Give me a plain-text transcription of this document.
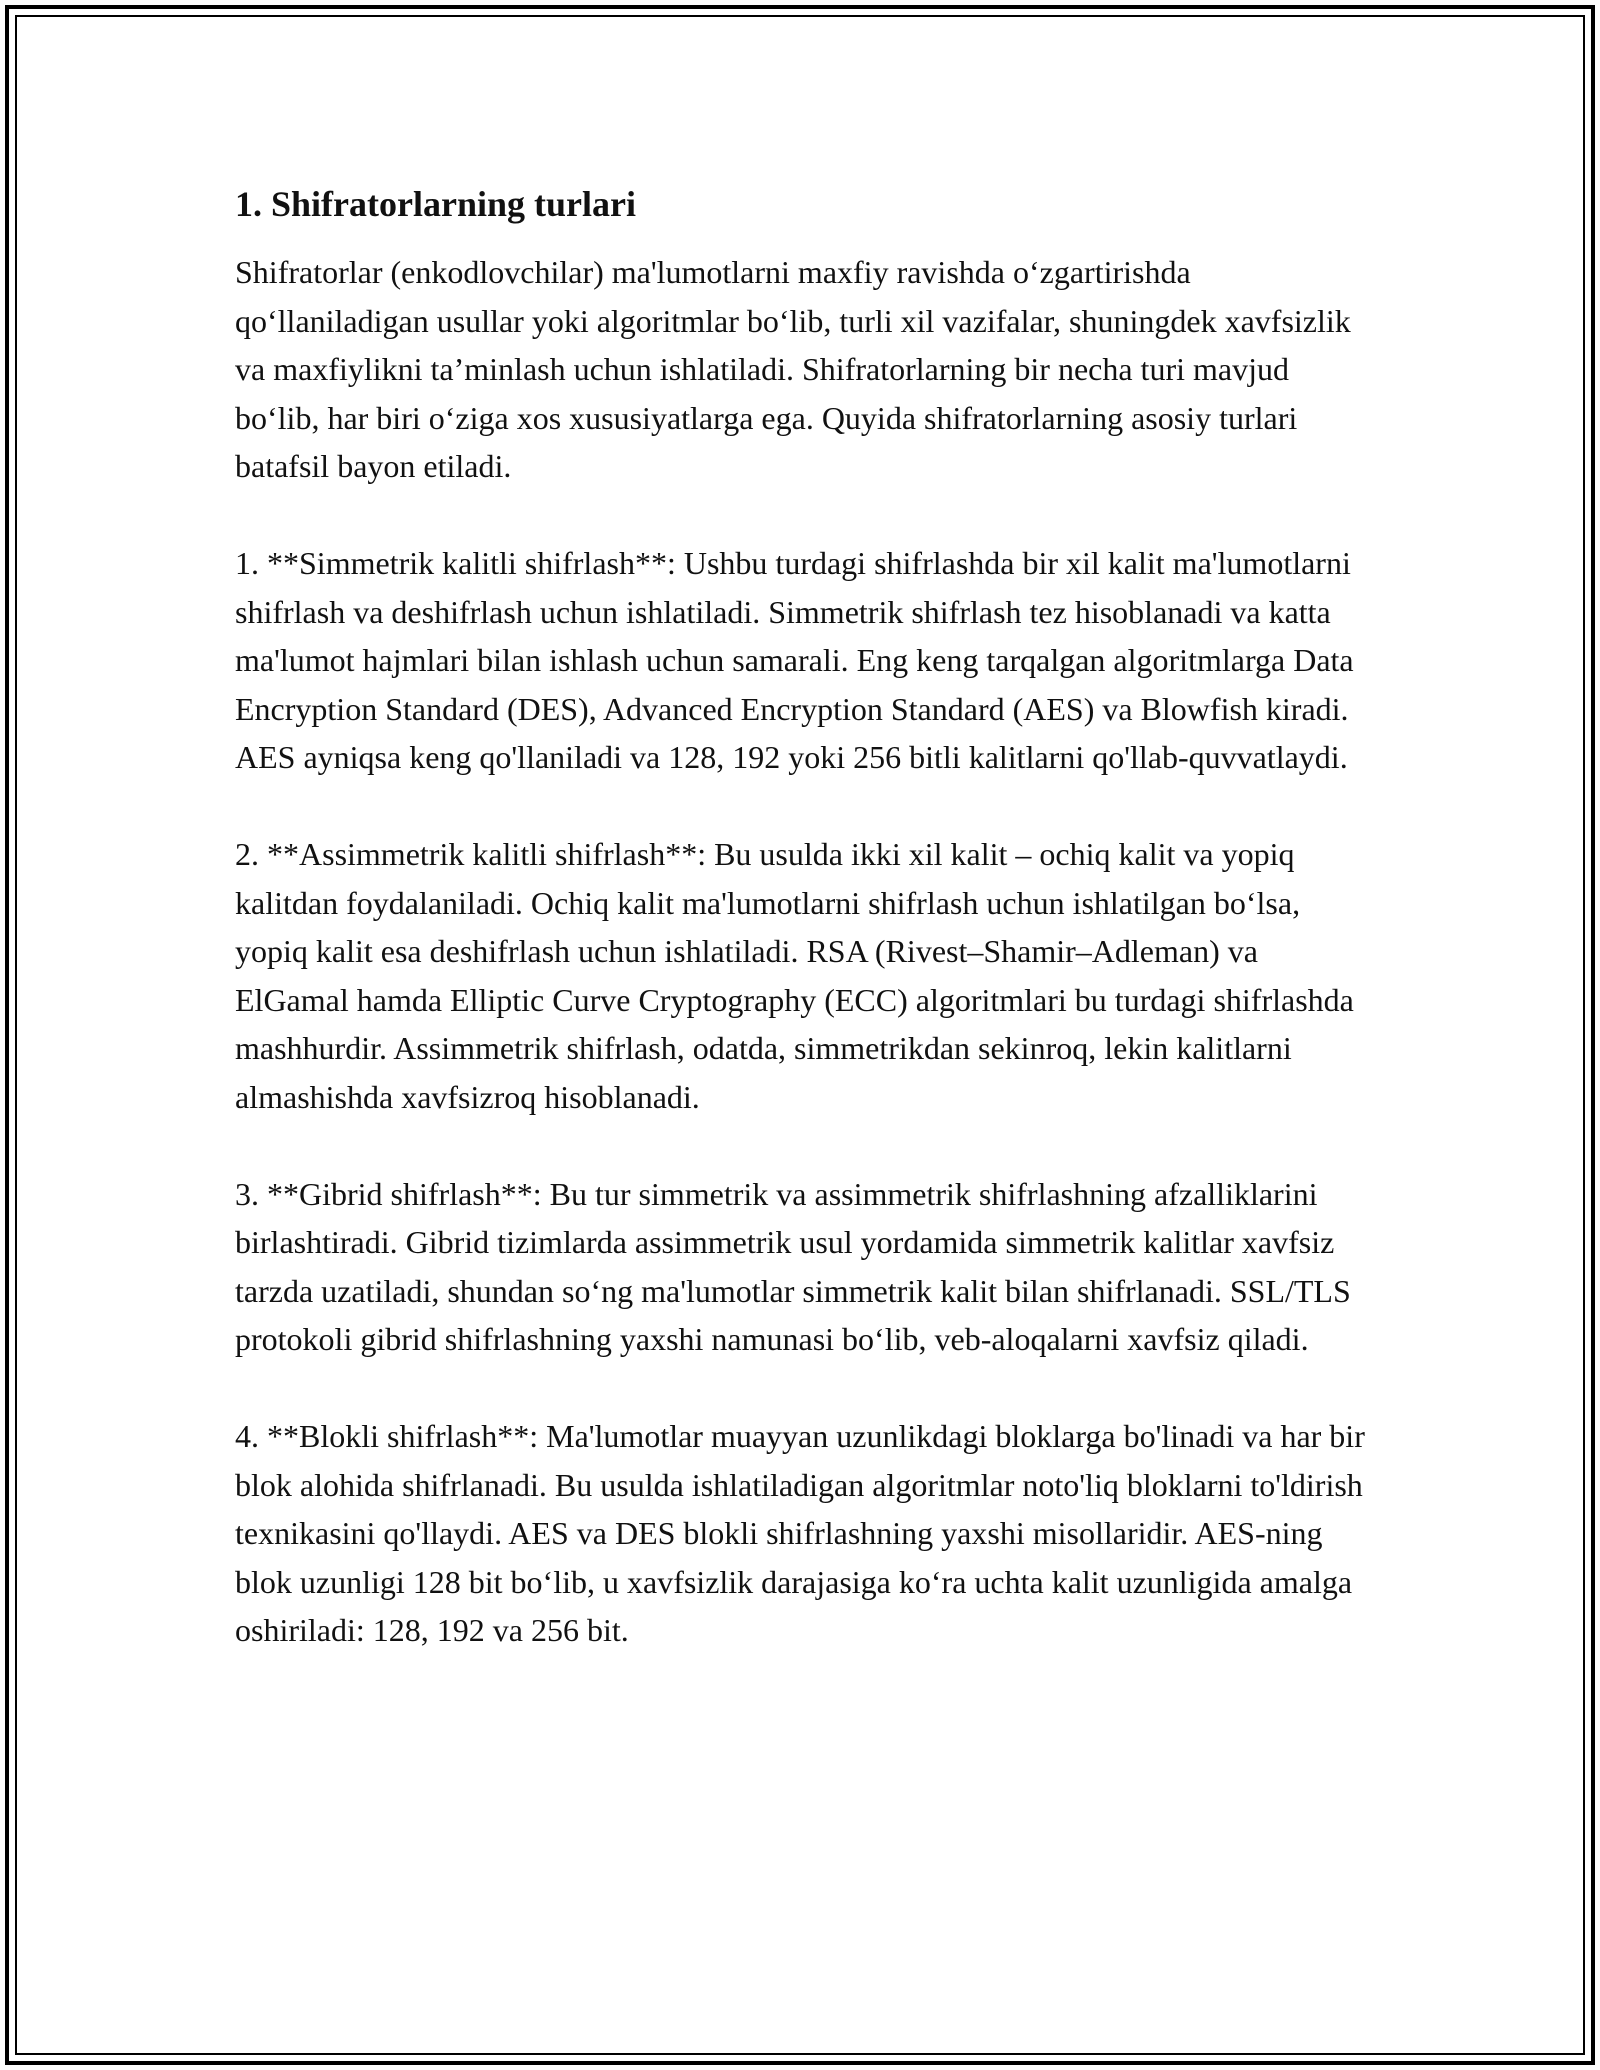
1. Shifratorlarning turlari

Shifratorlar (enkodlovchilar) ma'lumotlarni maxfiy ravishda o‘zgartirishda qo‘llaniladigan usullar yoki algoritmlar bo‘lib, turli xil vazifalar, shuningdek xavfsizlik va maxfiylikni ta’minlash uchun ishlatiladi. Shifratorlarning bir necha turi mavjud bo‘lib, har biri o‘ziga xos xususiyatlarga ega. Quyida shifratorlarning asosiy turlari batafsil bayon etiladi.

1. **Simmetrik kalitli shifrlash**: Ushbu turdagi shifrlashda bir xil kalit ma'lumotlarni shifrlash va deshifrlash uchun ishlatiladi. Simmetrik shifrlash tez hisoblanadi va katta ma'lumot hajmlari bilan ishlash uchun samarali. Eng keng tarqalgan algoritmlarga Data Encryption Standard (DES), Advanced Encryption Standard (AES) va Blowfish kiradi. AES ayniqsa keng qo'llaniladi va 128, 192 yoki 256 bitli kalitlarni qo'llab-quvvatlaydi.

2. **Assimmetrik kalitli shifrlash**: Bu usulda ikki xil kalit – ochiq kalit va yopiq kalitdan foydalaniladi. Ochiq kalit ma'lumotlarni shifrlash uchun ishlatilgan bo‘lsa, yopiq kalit esa deshifrlash uchun ishlatiladi. RSA (Rivest–Shamir–Adleman) va ElGamal hamda Elliptic Curve Cryptography (ECC) algoritmlari bu turdagi shifrlashda mashhurdir. Assimmetrik shifrlash, odatda, simmetrikdan sekinroq, lekin kalitlarni almashishda xavfsizroq hisoblanadi.

3. **Gibrid shifrlash**: Bu tur simmetrik va assimmetrik shifrlashning afzalliklarini birlashtiradi. Gibrid tizimlarda assimmetrik usul yordamida simmetrik kalitlar xavfsiz tarzda uzatiladi, shundan so‘ng ma'lumotlar simmetrik kalit bilan shifrlanadi. SSL/TLS protokoli gibrid shifrlashning yaxshi namunasi bo‘lib, veb-aloqalarni xavfsiz qiladi.

4. **Blokli shifrlash**: Ma'lumotlar muayyan uzunlikdagi bloklarga bo'linadi va har bir blok alohida shifrlanadi. Bu usulda ishlatiladigan algoritmlar noto'liq bloklarni to'ldirish texnikasini qo'llaydi. AES va DES blokli shifrlashning yaxshi misollaridir. AES-ning blok uzunligi 128 bit bo‘lib, u xavfsizlik darajasiga ko‘ra uchta kalit uzunligida amalga oshiriladi: 128, 192 va 256 bit.
